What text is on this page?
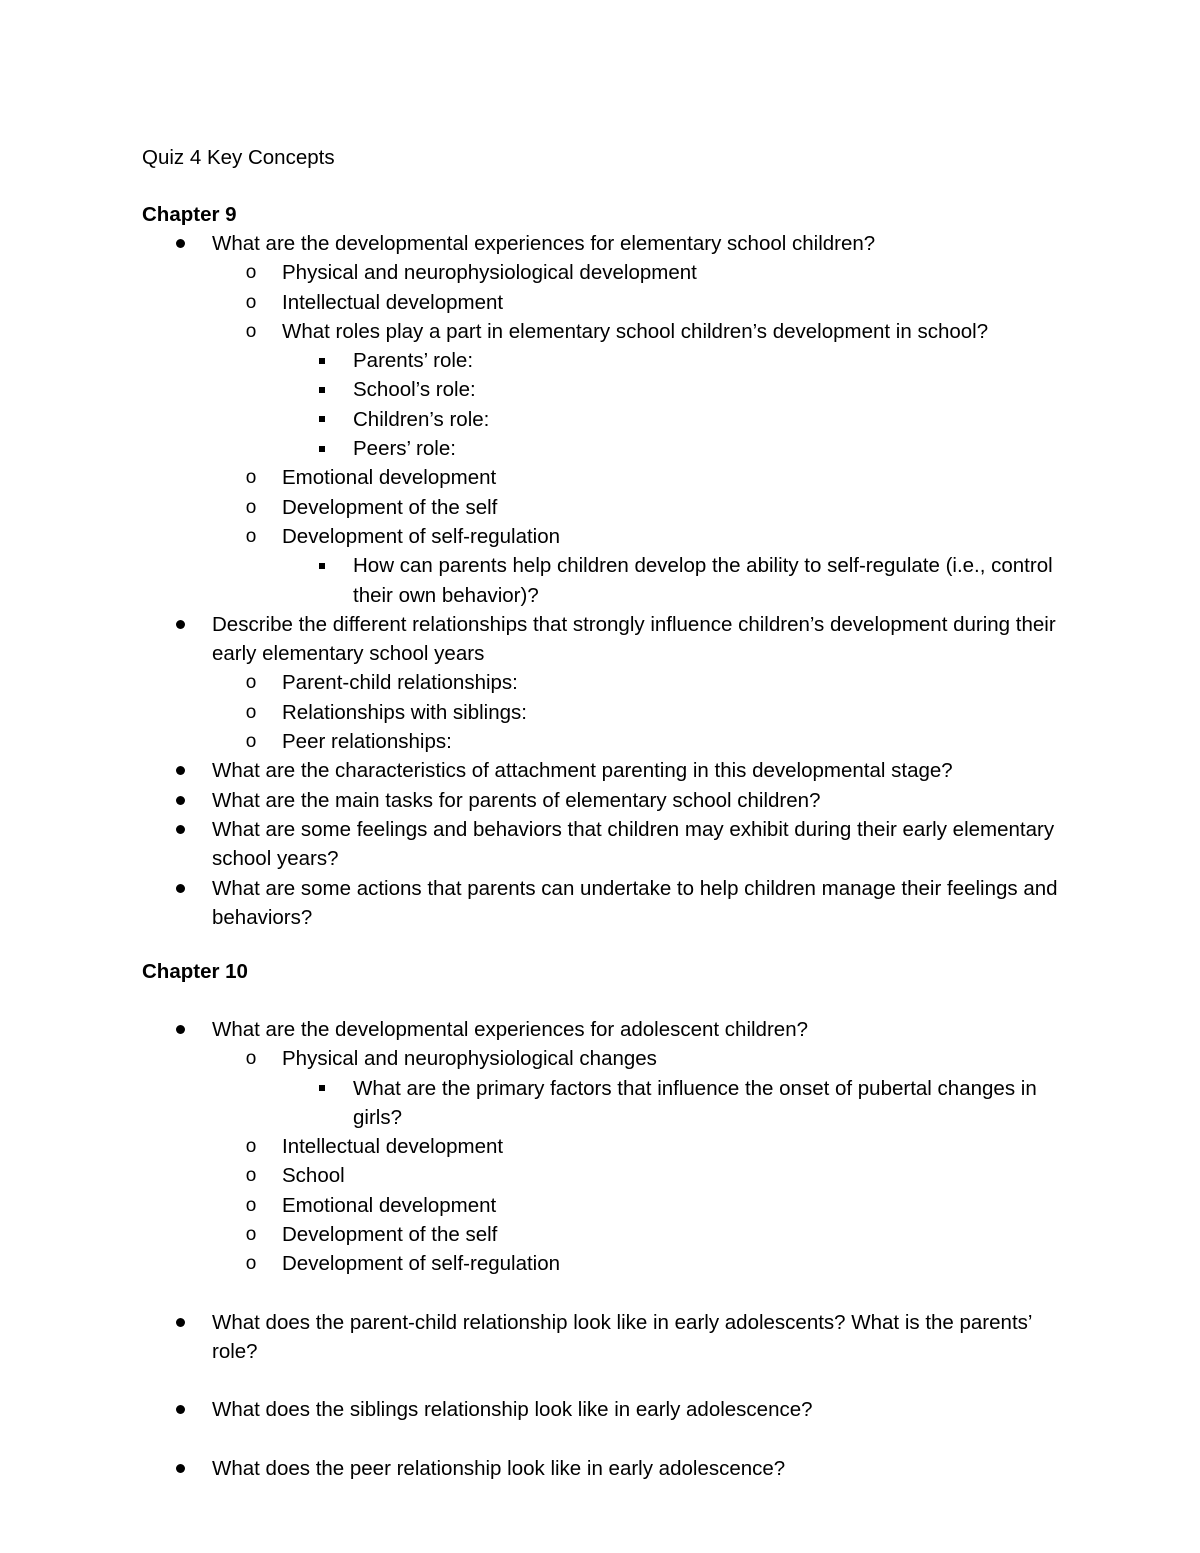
Quiz 4 Key Concepts
Chapter 9
What are the developmental experiences for elementary school children?
o Physical and neurophysiological development
o Intellectual development
o What roles play a part in elementary school children’s development in school?
Parents’ role:
School’s role:
Children’s role:
Peers’ role:
o Emotional development
o Development of the self
o Development of self-regulation
How can parents help children develop the ability to self-regulate (i.e., control their own behavior)?
Describe the different relationships that strongly influence children’s development during their early elementary school years
o Parent-child relationships:
o Relationships with siblings:
o Peer relationships:
What are the characteristics of attachment parenting in this developmental stage?
What are the main tasks for parents of elementary school children?
What are some feelings and behaviors that children may exhibit during their early elementary school years?
What are some actions that parents can undertake to help children manage their feelings and behaviors?
Chapter 10
What are the developmental experiences for adolescent children?
o Physical and neurophysiological changes
What are the primary factors that influence the onset of pubertal changes in girls?
o Intellectual development
o School
o Emotional development
o Development of the self
o Development of self-regulation
What does the parent-child relationship look like in early adolescents? What is the parents’ role?
What does the siblings relationship look like in early adolescence?
What does the peer relationship look like in early adolescence?
